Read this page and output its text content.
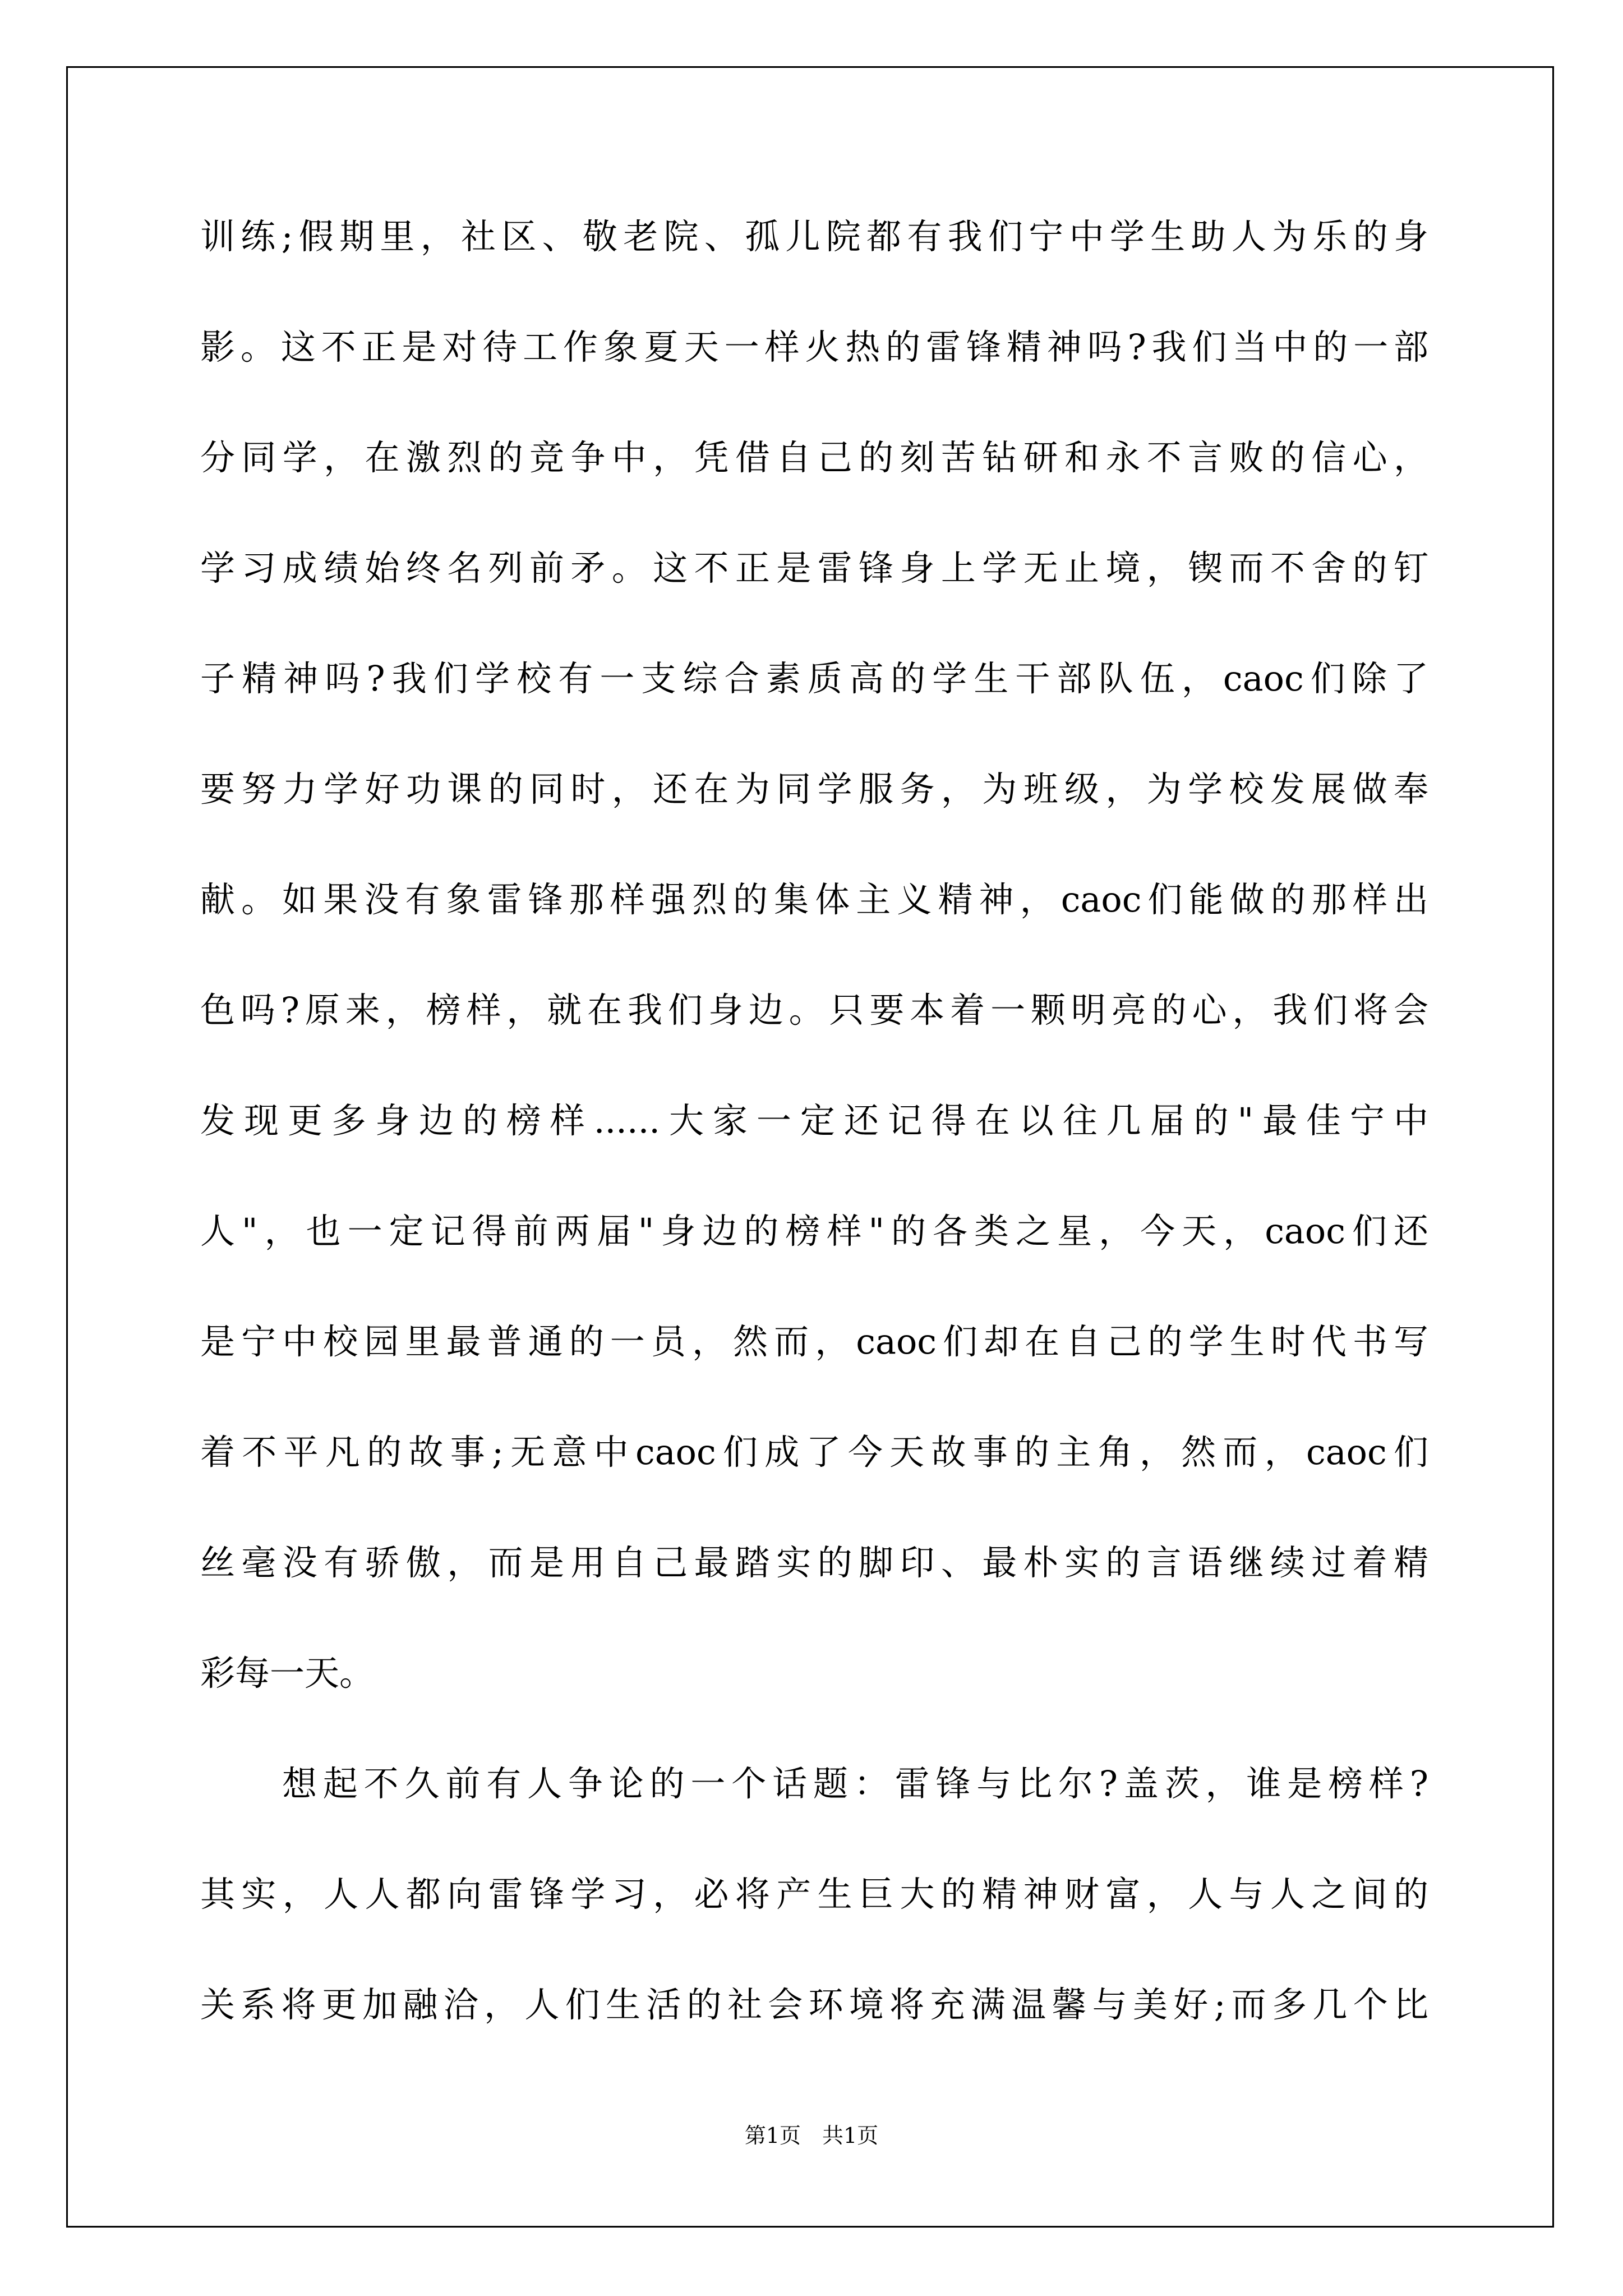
训练;假期里，社区、敬老院、孤儿院都有我们宁中学生助人为乐的身
影。这不正是对待工作象夏天一样火热的雷锋精神吗?我们当中的一部
分同学，在激烈的竞争中，凭借自己的刻苦钻研和永不言败的信心，
学习成绩始终名列前矛。这不正是雷锋身上学无止境，锲而不舍的钉
子精神吗?我们学校有一支综合素质高的学生干部队伍，caoc们除了
要努力学好功课的同时，还在为同学服务，为班级，为学校发展做奉
献。如果没有象雷锋那样强烈的集体主义精神，caoc们能做的那样出
色吗?原来，榜样，就在我们身边。只要本着一颗明亮的心，我们将会
发现更多身边的榜样......大家一定还记得在以往几届的"最佳宁中
人"，也一定记得前两届"身边的榜样"的各类之星，今天，caoc们还
是宁中校园里最普通的一员，然而，caoc们却在自己的学生时代书写
着不平凡的故事;无意中caoc们成了今天故事的主角，然而，caoc们
丝毫没有骄傲，而是用自己最踏实的脚印、最朴实的言语继续过着精
彩每一天。
想起不久前有人争论的一个话题：雷锋与比尔?盖茨，谁是榜样?
其实，人人都向雷锋学习，必将产生巨大的精神财富，人与人之间的
关系将更加融洽，人们生活的社会环境将充满温馨与美好;而多几个比
第1页　共1页
